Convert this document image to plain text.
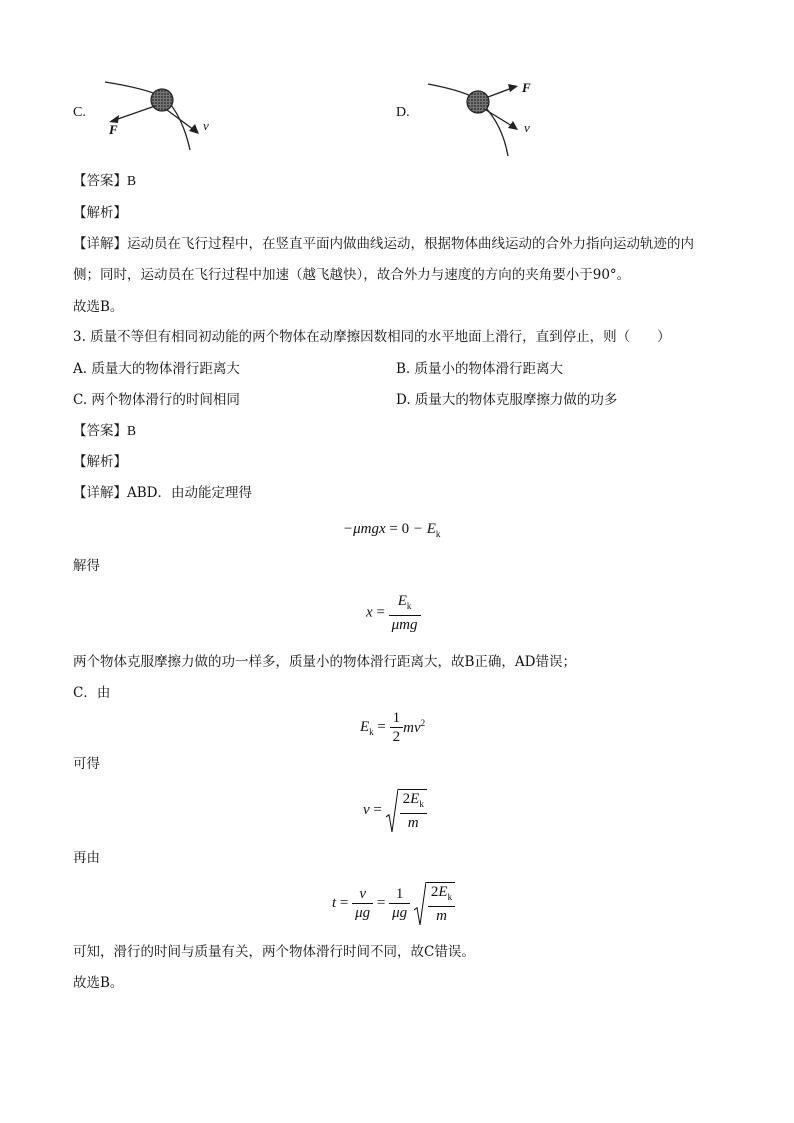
C.
F	v
D.
F
v
【答案】B
【解析】
【详解】运动员在飞行过程中，在竖直平面内做曲线运动，根据物体曲线运动的合外力指向运动轨迹的内
侧；同时，运动员在飞行过程中加速（越飞越快），故合外力与速度的方向的夹角要小于90°。
故选B。
3. 质量不等但有相同初动能的两个物体在动摩擦因数相同的水平地面上滑行，直到停止，则（　　）
A. 质量大的物体滑行距离大	B. 质量小的物体滑行距离大
C. 两个物体滑行的时间相同	D. 质量大的物体克服摩擦力做的功多
【答案】B
【解析】
【详解】ABD．由动能定理得
$-\mu mgx = 0 - E_k$
解得
$x = \frac{E_k}{\text{μmg}}$
两个物体克服摩擦力做的功一样多，质量小的物体滑行距离大，故B正确，AD错误；
C．由
$E_k = \frac{1}{2} mv^2$
可得
$v = \frac{2E_k}{m}$
再由
$t = \frac{v}{\mu g} = \frac{1}{\mu g}$
$\frac{2E_k}{m}$
可知，滑行的时间与质量有关，两个物体滑行时间不同，故C错误。
故选B。
